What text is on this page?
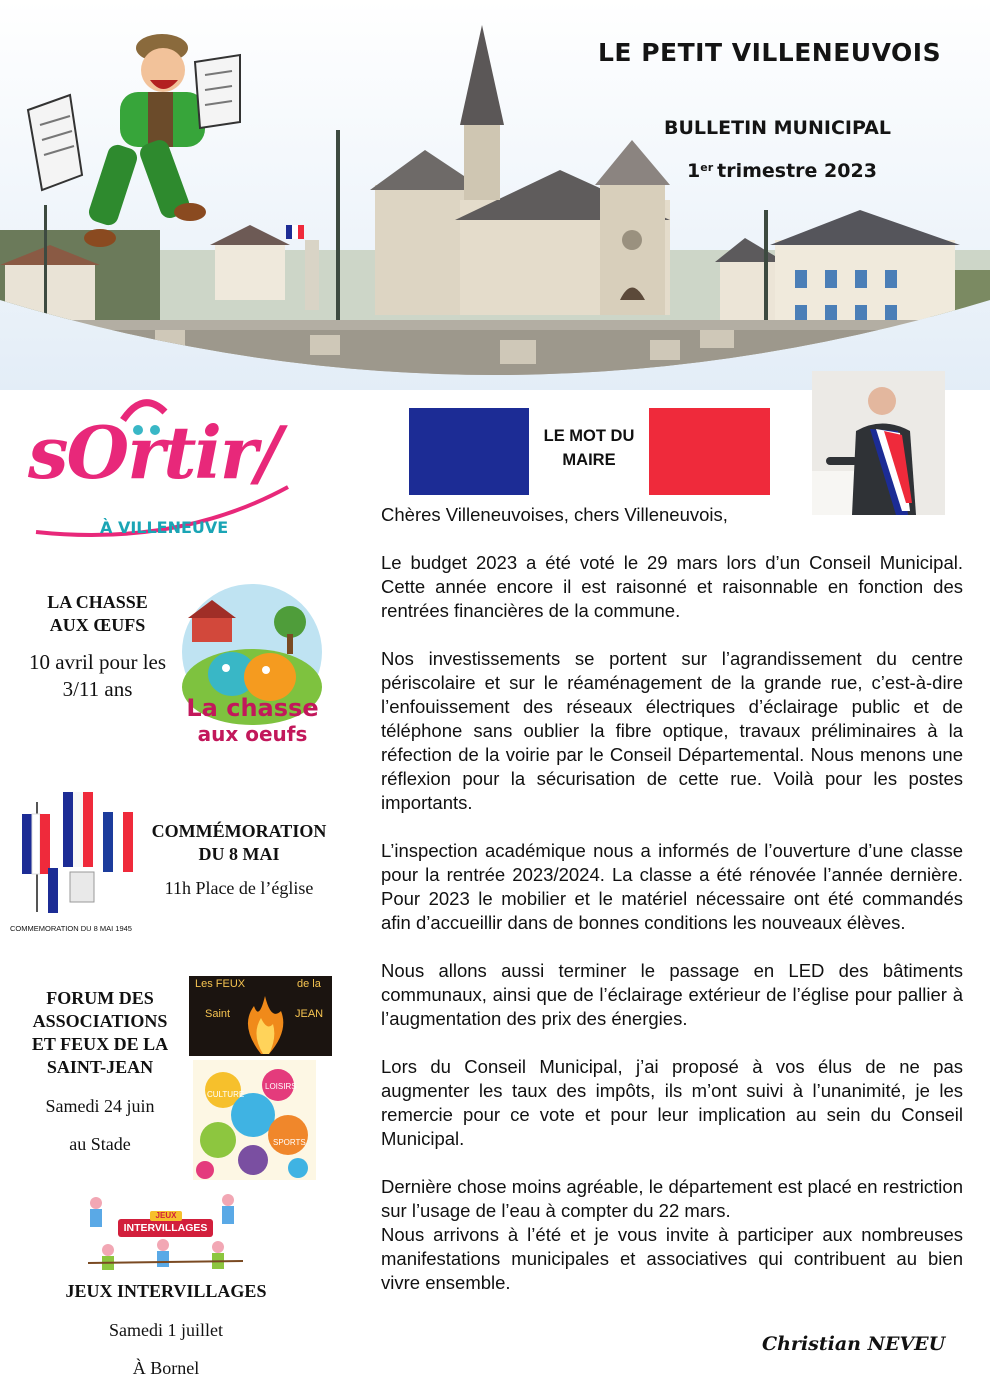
LE PETIT VILLENEUVOIS
BULLETIN MUNICIPAL
1er trimestre 2023
sOrtir/
À VILLENEUVE
LA CHASSE
AUX ŒUFS
10 avril pour les
3/11 ans
La chasse
aux oeufs
COMMEMORATION DU 8 MAI 1945
COMMÉMORATION
DU 8 MAI
11h Place de l’église
FORUM DES
ASSOCIATIONS
ET FEUX DE LA
SAINT-JEAN
Samedi 24 juin
au Stade
Les FEUX	de la
Saint	JEAN
CULTURE
LOISIRS
SPORTS
JEUX
INTERVILLAGES
JEUX INTERVILLAGES
Samedi 1 juillet
À Bornel
LE MOT DU
MAIRE

Chères Villeneuvoises, chers Villeneuvois,

Le budget 2023 a été voté le 29 mars lors d’un Conseil Municipal. Cette année encore il est raisonné et raisonnable en fonction des rentrées financières de la commune.

Nos investissements se portent sur l’agrandissement du centre périscolaire et sur le réaménagement de la grande rue, c’est-à-dire l’enfouissement des réseaux électriques d’éclairage public et de téléphone sans oublier la fibre optique, travaux préliminaires à la réfection de la voirie par le Conseil Départemental. Nous menons une réflexion pour la sécurisation de cette rue. Voilà pour les postes importants.

L’inspection académique nous a informés de l’ouverture d’une classe pour la rentrée 2023/2024. La classe a été rénovée l’année dernière. Pour 2023 le mobilier et le matériel nécessaire ont été commandés afin d’accueillir dans de bonnes conditions les nouveaux élèves.

Nous allons aussi terminer le passage en LED des bâtiments communaux, ainsi que de l’éclairage extérieur de l’église pour pallier à l’augmentation des prix des énergies.

Lors du Conseil Municipal, j’ai proposé à vos élus de ne pas augmenter les taux des impôts, ils m’ont suivi à l’unanimité, je les remercie pour ce vote et pour leur implication au sein du Conseil Municipal.

Dernière chose moins agréable, le département est placé en restriction sur l’usage de l’eau à compter du 22 mars.

Nous arrivons à l’été et je vous invite à participer aux nombreuses manifestations municipales et associatives qui contribuent au bien vivre ensemble.

Christian NEVEU
